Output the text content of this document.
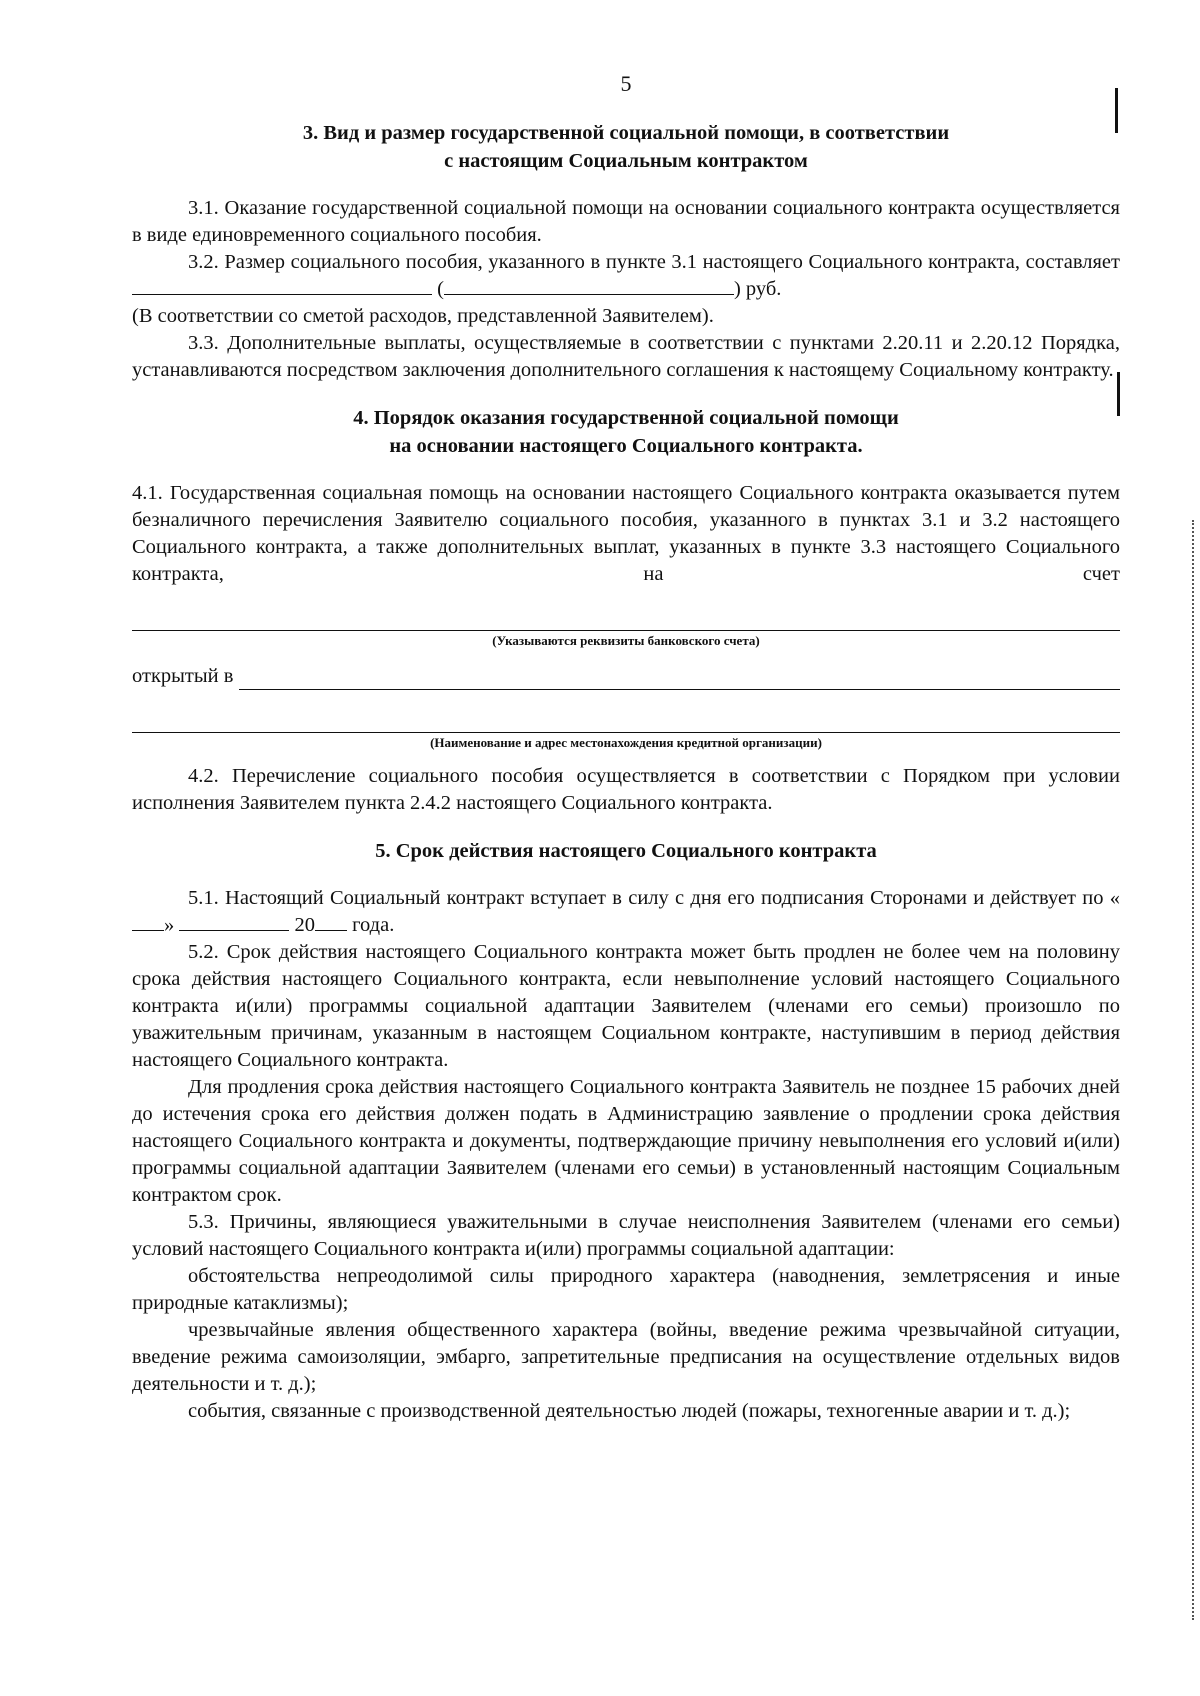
5
3. Вид и размер государственной социальной помощи, в соответствии
с настоящим Социальным контрактом

3.1. Оказание государственной социальной помощи на основании социального контракта осуществляется в виде единовременного социального пособия.

3.2. Размер социального пособия, указанного в пункте 3.1 настоящего Социального контракта, составляет  (	) руб.

(В соответствии со сметой расходов, представленной Заявителем).

3.3. Дополнительные выплаты, осуществляемые в соответствии с пунктами 2.20.11 и 2.20.12 Порядка, устанавливаются посредством заключения дополнительного соглашения к настоящему Социальному контракту.

4. Порядок оказания государственной социальной помощи
на основании настоящего Социального контракта.

4.1. Государственная социальная помощь на основании настоящего Социального контракта оказывается путем безналичного перечисления Заявителю социального пособия, указанного в пунктах 3.1 и 3.2 настоящего Социального контракта, а также дополнительных выплат, указанных в пункте 3.3 настоящего Социального контракта, на счет

(Указываются реквизиты банковского счета)
открытый в
(Наименование и адрес местонахождения кредитной организации)

4.2. Перечисление социального пособия осуществляется в соответствии с Порядком при условии исполнения Заявителем пункта 2.4.2 настоящего Социального контракта.

5. Срок действия настоящего Социального контракта

5.1. Настоящий Социальный контракт вступает в силу с дня его подписания Сторонами и действует по «»	20 года.

5.2. Срок действия настоящего Социального контракта может быть продлен не более чем на половину срока действия настоящего Социального контракта, если невыполнение условий настоящего Социального контракта и(или) программы социальной адаптации Заявителем (членами его семьи) произошло по уважительным причинам, указанным в настоящем Социальном контракте, наступившим в период действия настоящего Социального контракта.

Для продления срока действия настоящего Социального контракта Заявитель не позднее 15 рабочих дней до истечения срока его действия должен подать в Администрацию заявление о продлении срока действия настоящего Социального контракта и документы, подтверждающие причину невыполнения его условий и(или) программы социальной адаптации Заявителем (членами его семьи) в установленный настоящим Социальным контрактом срок.

5.3. Причины, являющиеся уважительными в случае неисполнения Заявителем (членами его семьи) условий настоящего Социального контракта и(или) программы социальной адаптации:

обстоятельства непреодолимой силы природного характера (наводнения, землетрясения и иные природные катаклизмы);

чрезвычайные явления общественного характера (войны, введение режима чрезвычайной ситуации, введение режима самоизоляции, эмбарго, запретительные предписания на осуществление отдельных видов деятельности и т. д.);

события, связанные с производственной деятельностью людей (пожары, техногенные аварии и т. д.);
